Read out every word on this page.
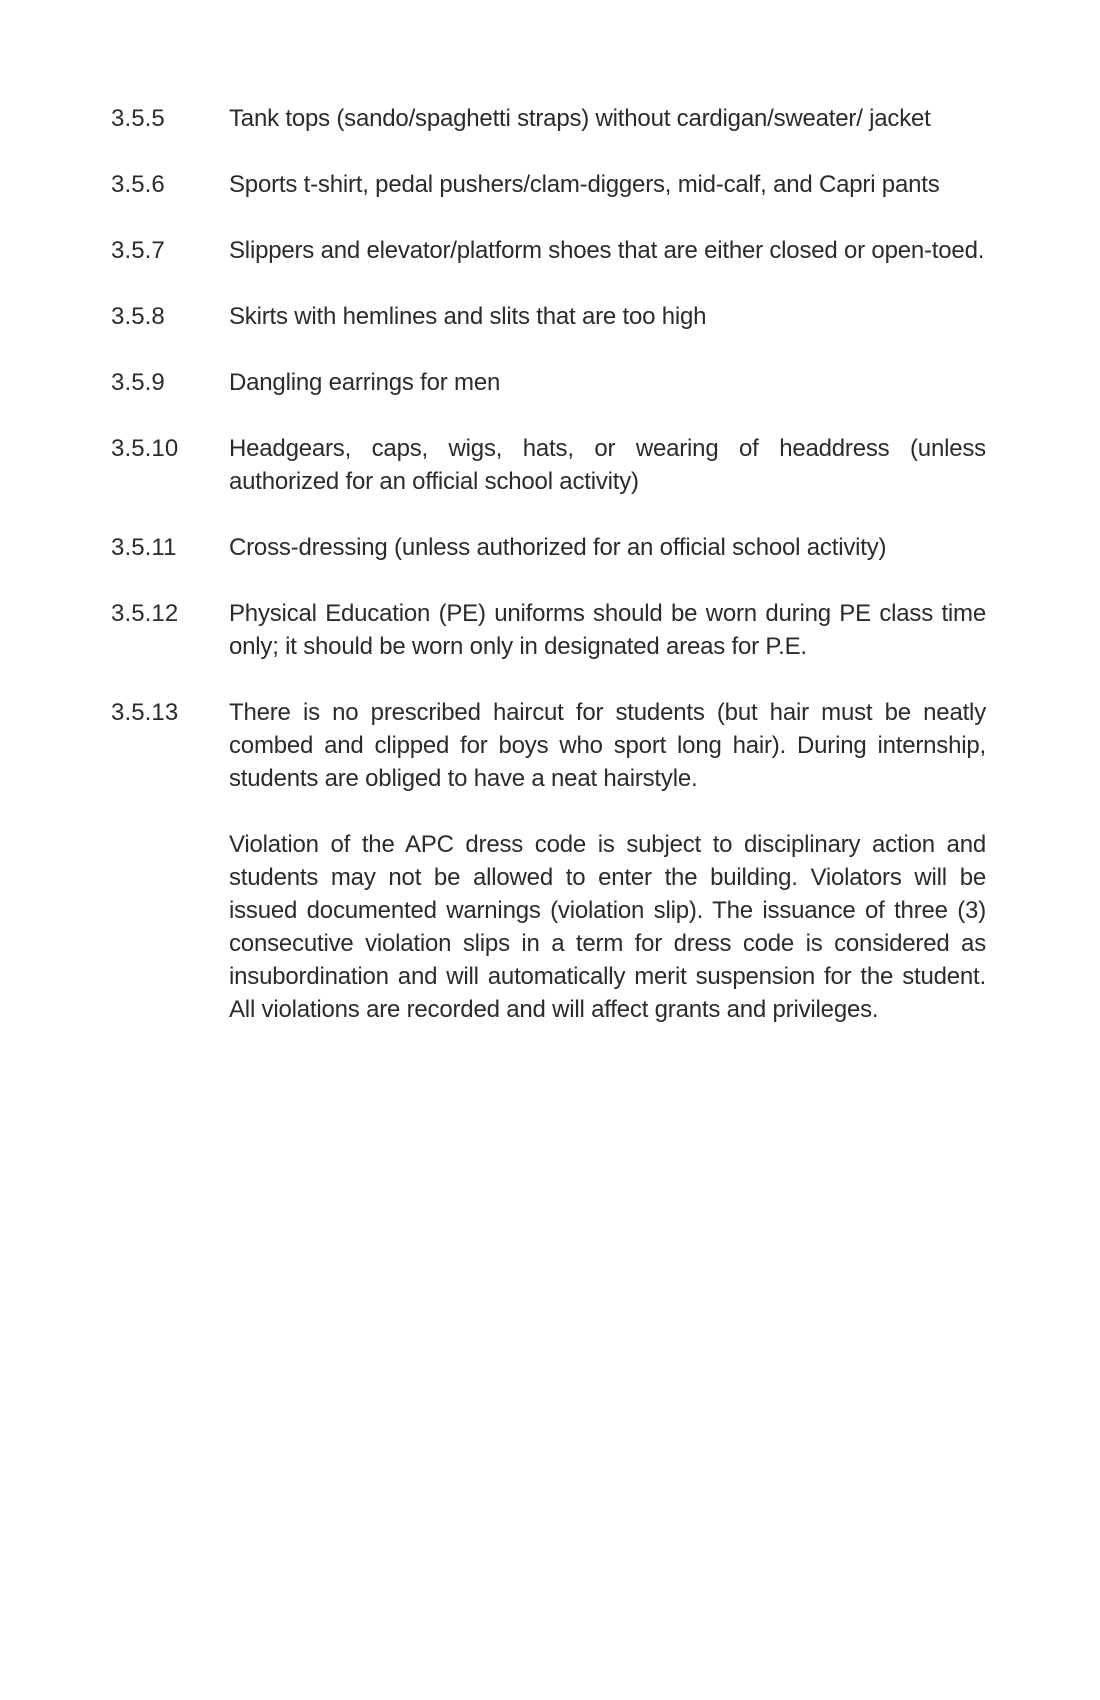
3.5.5	Tank tops (sando/spaghetti straps) without cardigan/sweater/ jacket
3.5.6	Sports t-shirt, pedal pushers/clam-diggers, mid-calf, and Capri pants
3.5.7	Slippers and elevator/platform shoes that are either closed or open-toed.
3.5.8	Skirts with hemlines and slits that are too high
3.5.9	Dangling earrings for men
3.5.10	Headgears, caps, wigs, hats, or wearing of headdress (unless authorized for an official school activity)
3.5.11	Cross-dressing (unless authorized for an official school activity)
3.5.12	Physical Education (PE) uniforms should be worn during PE class time only; it should be worn only in designated areas for P.E.
3.5.13	There is no prescribed haircut for students (but hair must be neatly combed and clipped for boys who sport long hair). During internship, students are obliged to have a neat hairstyle.
Violation of the APC dress code is subject to disciplinary action and students may not be allowed to enter the building. Violators will be issued documented warnings (violation slip). The issuance of three (3) consecutive violation slips in a term for dress code is considered as insubordination and will automatically merit suspension for the student. All violations are recorded and will affect grants and privileges.
